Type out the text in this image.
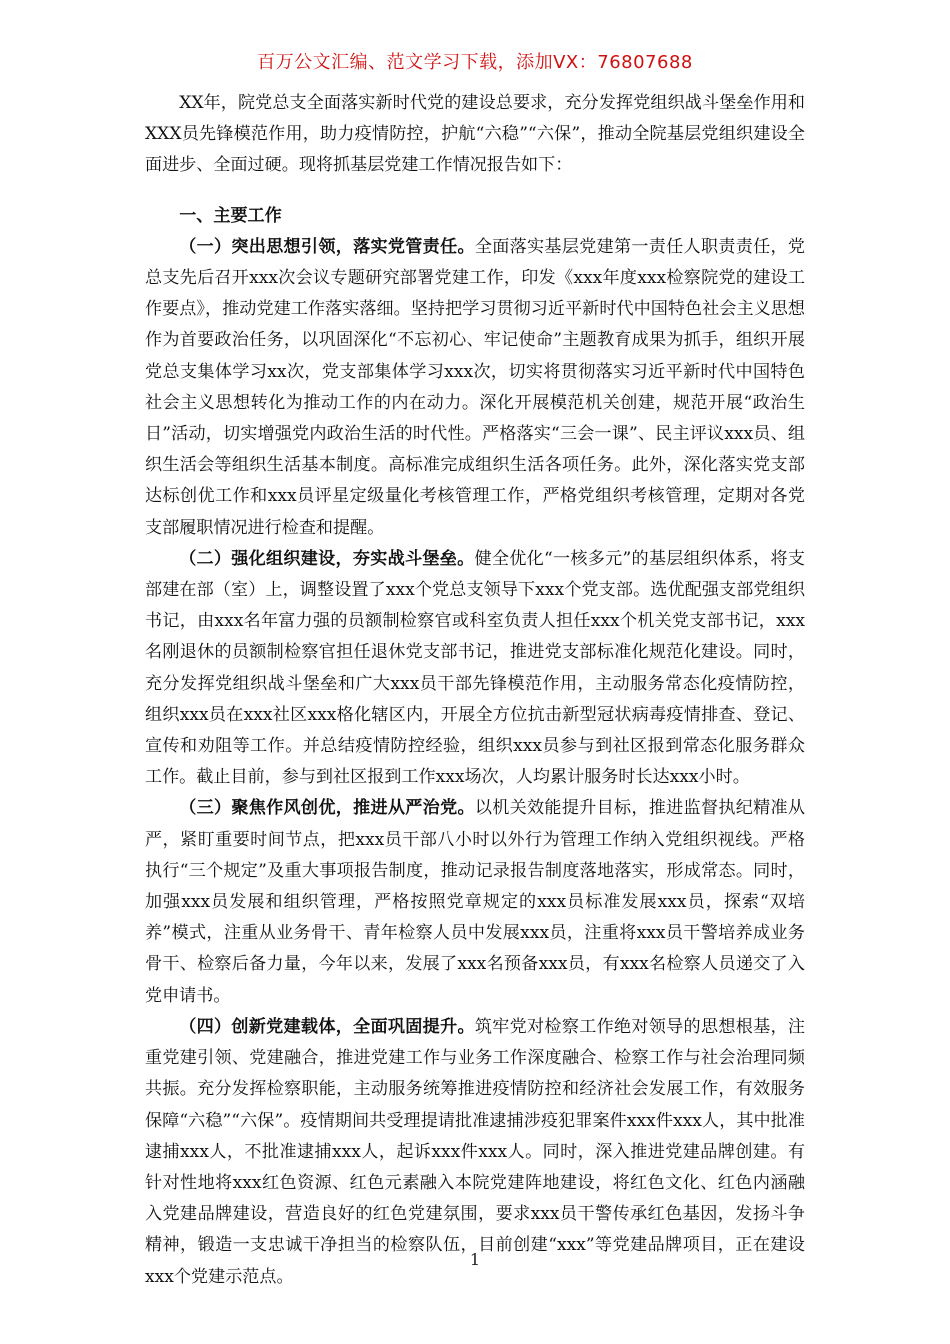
百万公文汇编、范文学习下载，添加VX：76807688

XX年，院党总支全面落实新时代党的建设总要求，充分发挥党组织战斗堡垒作用和XXX员先锋模范作用，助力疫情防控，护航“六稳”“六保”，推动全院基层党组织建设全面进步、全面过硬。现将抓基层党建工作情况报告如下：

一、主要工作

（一）突出思想引领，落实党管责任。全面落实基层党建第一责任人职责责任，党总支先后召开xxx次会议专题研究部署党建工作，印发《xxx年度xxx检察院党的建设工作要点》，推动党建工作落实落细。坚持把学习贯彻习近平新时代中国特色社会主义思想作为首要政治任务，以巩固深化“不忘初心、牢记使命”主题教育成果为抓手，组织开展党总支集体学习xx次，党支部集体学习xxx次，切实将贯彻落实习近平新时代中国特色社会主义思想转化为推动工作的内在动力。深化开展模范机关创建，规范开展“政治生日”活动，切实增强党内政治生活的时代性。严格落实“三会一课”、民主评议xxx员、组织生活会等组织生活基本制度。高标准完成组织生活各项任务。此外，深化落实党支部达标创优工作和xxx员评星定级量化考核管理工作，严格党组织考核管理，定期对各党支部履职情况进行检查和提醒。

（二）强化组织建设，夯实战斗堡垒。健全优化“一核多元”的基层组织体系，将支部建在部（室）上，调整设置了xxx个党总支领导下xxx个党支部。选优配强支部党组织书记，由xxx名年富力强的员额制检察官或科室负责人担任xxx个机关党支部书记，xxx名刚退休的员额制检察官担任退休党支部书记，推进党支部标准化规范化建设。同时，充分发挥党组织战斗堡垒和广大xxx员干部先锋模范作用，主动服务常态化疫情防控，组织xxx员在xxx社区xxx格化辖区内，开展全方位抗击新型冠状病毒疫情排查、登记、宣传和劝阻等工作。并总结疫情防控经验，组织xxx员参与到社区报到常态化服务群众工作。截止目前，参与到社区报到工作xxx场次，人均累计服务时长达xxx小时。

（三）聚焦作风创优，推进从严治党。以机关效能提升目标，推进监督执纪精准从严，紧盯重要时间节点，把xxx员干部八小时以外行为管理工作纳入党组织视线。严格执行“三个规定”及重大事项报告制度，推动记录报告制度落地落实，形成常态。同时，加强xxx员发展和组织管理，严格按照党章规定的xxx员标准发展xxx员，探索“双培养”模式，注重从业务骨干、青年检察人员中发展xxx员，注重将xxx员干警培养成业务骨干、检察后备力量，今年以来，发展了xxx名预备xxx员，有xxx名检察人员递交了入党申请书。

（四）创新党建载体，全面巩固提升。筑牢党对检察工作绝对领导的思想根基，注重党建引领、党建融合，推进党建工作与业务工作深度融合、检察工作与社会治理同频共振。充分发挥检察职能，主动服务统筹推进疫情防控和经济社会发展工作，有效服务保障“六稳”“六保”。疫情期间共受理提请批准逮捕涉疫犯罪案件xxx件xxx人，其中批准逮捕xxx人，不批准逮捕xxx人，起诉xxx件xxx人。同时，深入推进党建品牌创建。有针对性地将xxx红色资源、红色元素融入本院党建阵地建设，将红色文化、红色内涵融入党建品牌建设，营造良好的红色党建氛围，要求xxx员干警传承红色基因，发扬斗争精神，锻造一支忠诚干净担当的检察队伍，目前创建“xxx”等党建品牌项目，正在建设xxx个党建示范点。

1
